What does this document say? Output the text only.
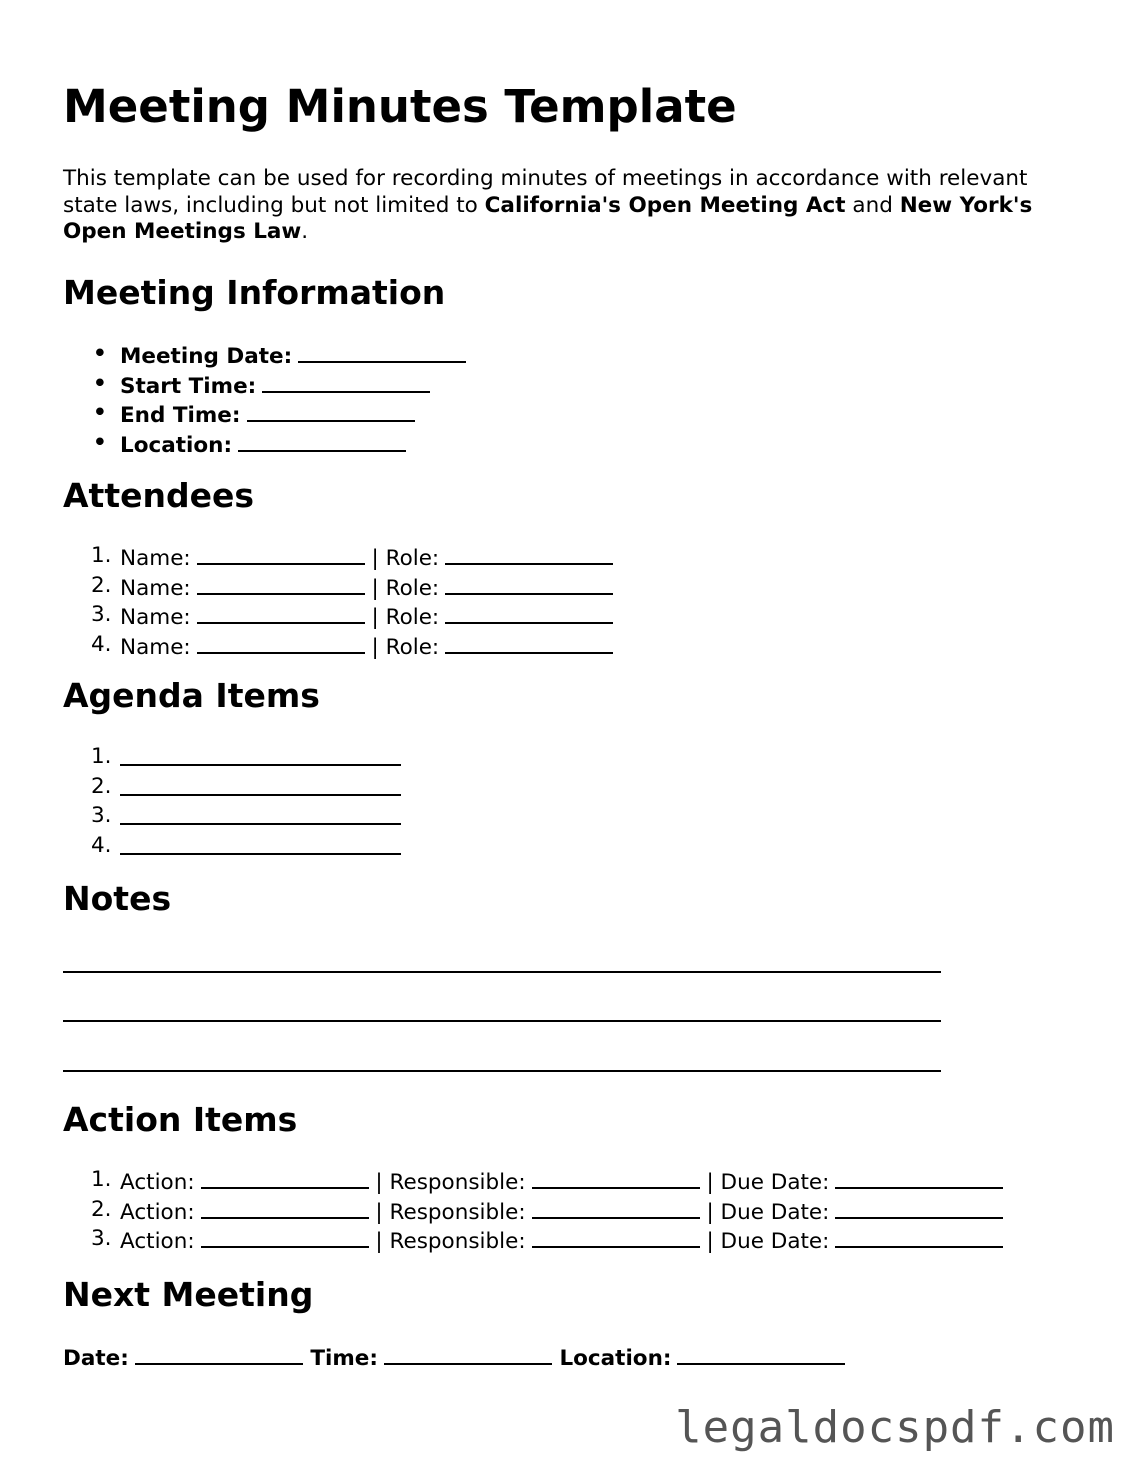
Meeting Minutes Template

This template can be used for recording minutes of meetings in accordance with relevant state laws, including but not limited to California's Open Meeting Act and New York's Open Meetings Law.

Meeting Information
• Meeting Date:
• Start Time:
• End Time:
• Location:
Attendees
1. Name:	| Role:
2. Name:	| Role:
3. Name:	| Role:
4. Name:	| Role:
Agenda Items
1.
2.
3.
4.
Notes
Action Items
1. Action:	| Responsible:	| Due Date:
2. Action:	| Responsible:	| Due Date:
3. Action:	| Responsible:	| Due Date:
Next Meeting
Date:	Time:	Location:
legaldocspdf.com
